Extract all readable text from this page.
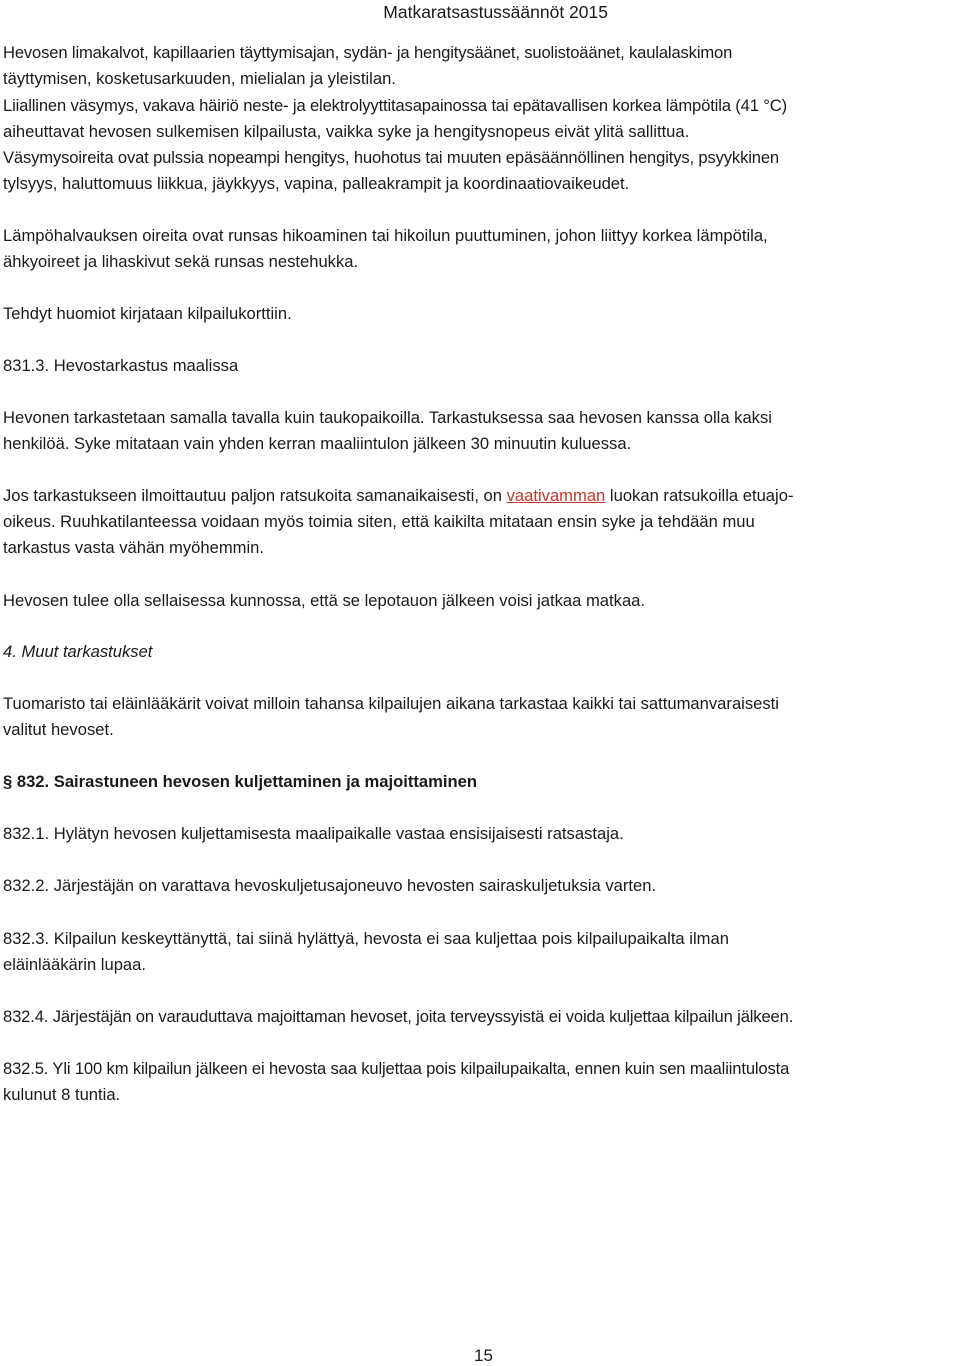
Matkaratsastussäännöt 2015

Hevosen limakalvot, kapillaarien täyttymisajan, sydän- ja hengitysäänet, suolistoäänet, kaulalaskimon

täyttymisen, kosketusarkuuden, mielialan ja yleistilan.

Liiallinen väsymys, vakava häiriö neste- ja elektrolyyttitasapainossa tai epätavallisen korkea lämpötila (41 °C)

aiheuttavat hevosen sulkemisen kilpailusta, vaikka syke ja hengitysnopeus eivät ylitä sallittua.

Väsymysoireita ovat pulssia nopeampi hengitys, huohotus tai muuten epäsäännöllinen hengitys, psyykkinen

tylsyys, haluttomuus liikkua, jäykkyys, vapina, palleakrampit ja koordinaatiovaikeudet.

Lämpöhalvauksen oireita ovat runsas hikoaminen tai hikoilun puuttuminen, johon liittyy korkea lämpötila,

ähkyoireet ja lihaskivut sekä runsas nestehukka.

Tehdyt huomiot kirjataan kilpailukorttiin.

831.3. Hevostarkastus maalissa

Hevonen tarkastetaan samalla tavalla kuin taukopaikoilla. Tarkastuksessa saa hevosen kanssa olla kaksi

henkilöä. Syke mitataan vain yhden kerran maaliintulon jälkeen 30 minuutin kuluessa.

Jos tarkastukseen ilmoittautuu paljon ratsukoita samanaikaisesti, on vaativamman luokan ratsukoilla etuajo-

oikeus. Ruuhkatilanteessa voidaan myös toimia siten, että kaikilta mitataan ensin syke ja tehdään muu

tarkastus vasta vähän myöhemmin.

Hevosen tulee olla sellaisessa kunnossa, että se lepotauon jälkeen voisi jatkaa matkaa.

4. Muut tarkastukset

Tuomaristo tai eläinlääkärit voivat milloin tahansa kilpailujen aikana tarkastaa kaikki tai sattumanvaraisesti

valitut hevoset.

§ 832. Sairastuneen hevosen kuljettaminen ja majoittaminen

832.1. Hylätyn hevosen kuljettamisesta maalipaikalle vastaa ensisijaisesti ratsastaja.

832.2. Järjestäjän on varattava hevoskuljetusajoneuvo hevosten sairaskuljetuksia varten.

832.3. Kilpailun keskeyttänyttä, tai siinä hylättyä, hevosta ei saa kuljettaa pois kilpailupaikalta ilman

eläinlääkärin lupaa.

832.4. Järjestäjän on varauduttava majoittaman hevoset, joita terveyssyistä ei voida kuljettaa kilpailun jälkeen.

832.5. Yli 100 km kilpailun jälkeen ei hevosta saa kuljettaa pois kilpailupaikalta, ennen kuin sen maaliintulosta

kulunut 8 tuntia.

15
